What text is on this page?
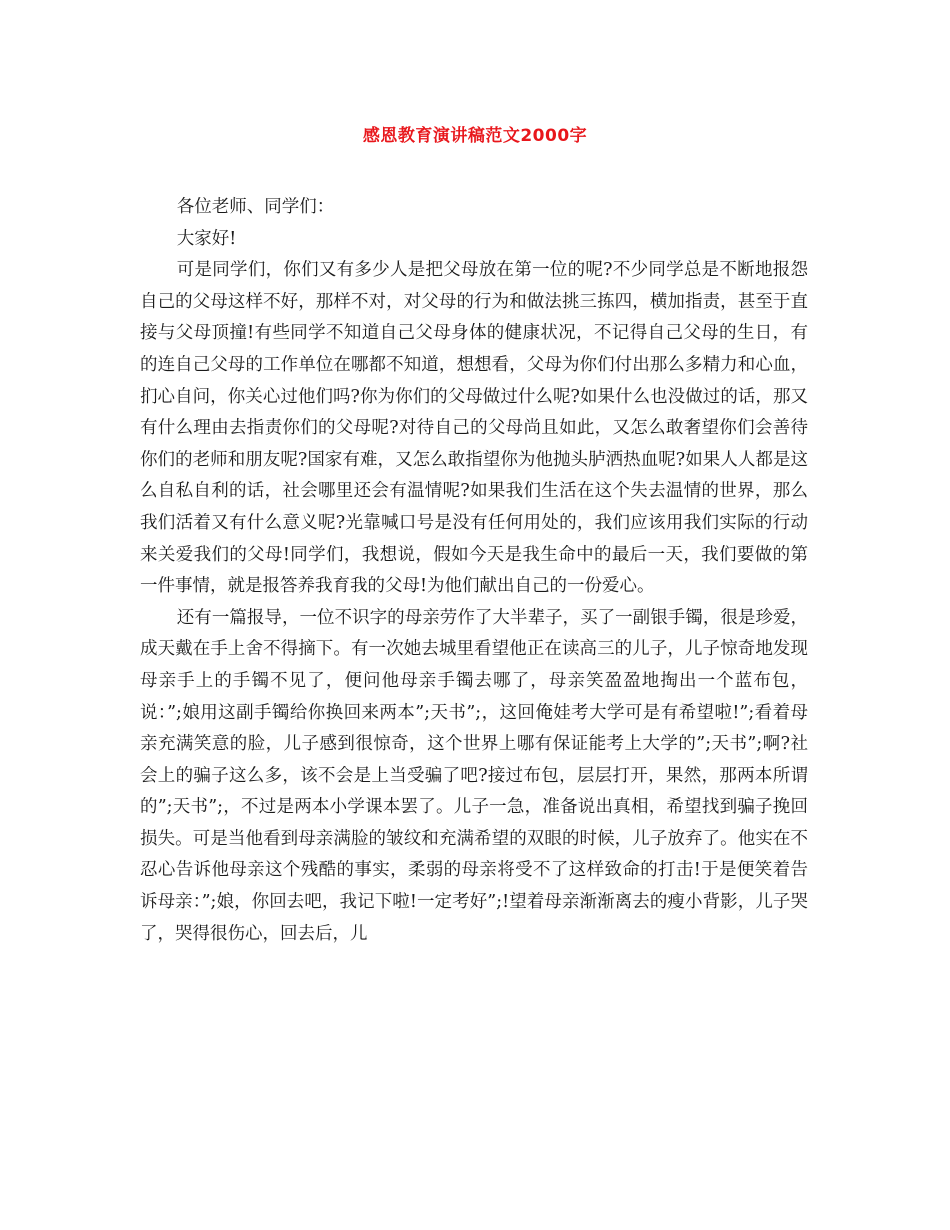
感恩教育演讲稿范文2000字

各位老师、同学们：

大家好!

可是同学们，你们又有多少人是把父母放在第一位的呢?不少同学总是不断地报怨自己的父母这样不好，那样不对，对父母的行为和做法挑三拣四，横加指责，甚至于直接与父母顶撞!有些同学不知道自己父母身体的健康状况，不记得自己父母的生日，有的连自己父母的工作单位在哪都不知道，想想看，父母为你们付出那么多精力和心血，扪心自问，你关心过他们吗?你为你们的父母做过什么呢?如果什么也没做过的话，那又有什么理由去指责你们的父母呢?对待自己的父母尚且如此，又怎么敢奢望你们会善待你们的老师和朋友呢?国家有难，又怎么敢指望你为他抛头胪洒热血呢?如果人人都是这么自私自利的话，社会哪里还会有温情呢?如果我们生活在这个失去温情的世界，那么我们活着又有什么意义呢?光靠喊口号是没有任何用处的，我们应该用我们实际的行动来关爱我们的父母!同学们，我想说，假如今天是我生命中的最后一天，我们要做的第一件事情，就是报答养我育我的父母!为他们献出自己的一份爱心。

还有一篇报导，一位不识字的母亲劳作了大半辈子，买了一副银手镯，很是珍爱，成天戴在手上舍不得摘下。有一次她去城里看望他正在读高三的儿子，儿子惊奇地发现母亲手上的手镯不见了，便问他母亲手镯去哪了，母亲笑盈盈地掏出一个蓝布包，说：”;娘用这副手镯给你换回来两本”;天书”;，这回俺娃考大学可是有希望啦!”;看着母亲充满笑意的脸，儿子感到很惊奇，这个世界上哪有保证能考上大学的”;天书”;啊?社会上的骗子这么多，该不会是上当受骗了吧?接过布包，层层打开，果然，那两本所谓的”;天书”;，不过是两本小学课本罢了。儿子一急，准备说出真相，希望找到骗子挽回损失。可是当他看到母亲满脸的皱纹和充满希望的双眼的时候，儿子放弃了。他实在不忍心告诉他母亲这个残酷的事实，柔弱的母亲将受不了这样致命的打击!于是便笑着告诉母亲：”;娘，你回去吧，我记下啦!一定考好”;!望着母亲渐渐离去的瘦小背影，儿子哭了，哭得很伤心，回去后，儿
